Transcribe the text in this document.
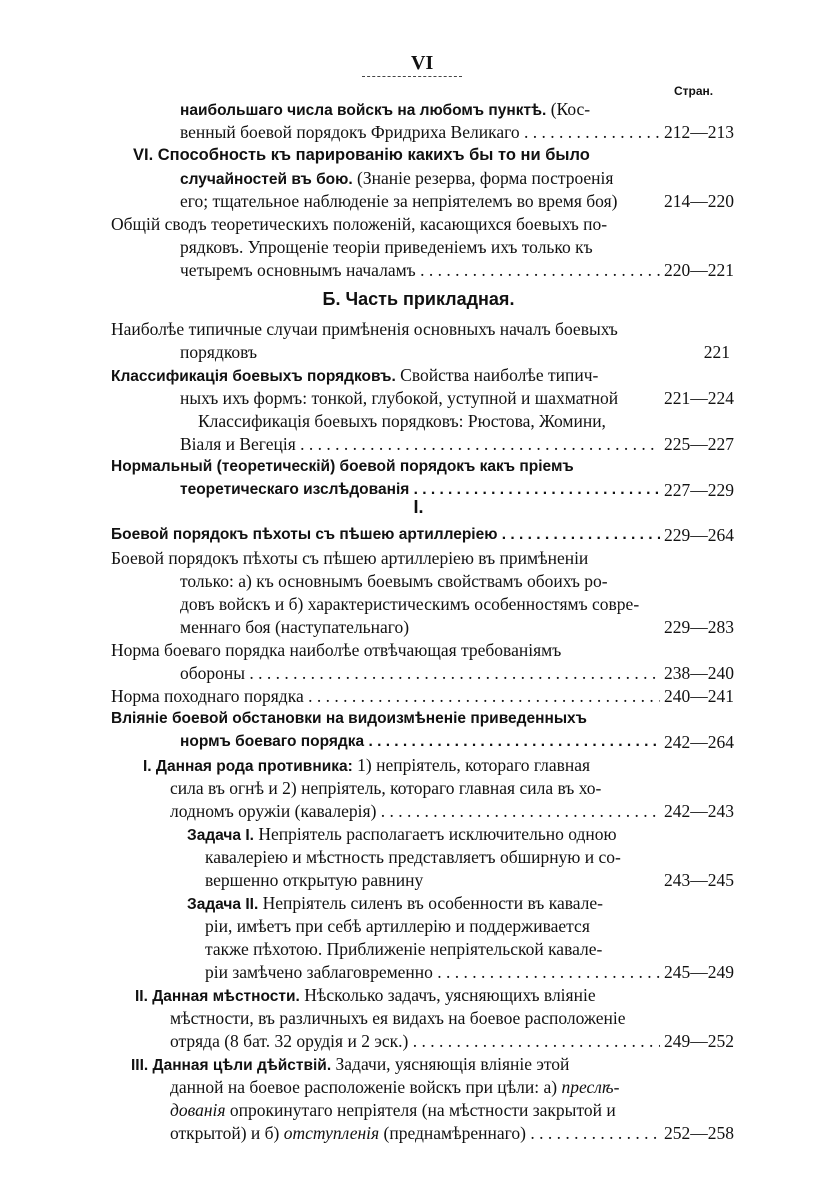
VI
Стран.
наибольшаго числа войскъ на любомъ пунктѣ. (Кос-
венный боевой порядокъ Фридриха Великаго . . .	212—213
VI. Способность къ парированію какихъ бы то ни было
случайностей въ бою. (Знаніе резерва, форма построенія
его; тщательное наблюденіе за непріятелемъ во время боя)	214—220
Общій сводъ теоретическихъ положеній, касающихся боевыхъ по-
рядковъ. Упрощеніе теоріи приведеніемъ ихъ только къ
четыремъ основнымъ началамъ . . .	220—221
Б. Часть прикладная.
Наиболѣе типичные случаи примѣненія основныхъ началъ боевыхъ
порядковъ	221
Классификація боевыхъ порядковъ. Свойства наиболѣе типич-
ныхъ ихъ формъ: тонкой, глубокой, уступной и шахматной	221—224
Классификація боевыхъ порядковъ: Рюстова, Жомини,
Віаля и Вегеція . . .	225—227
Нормальный (теоретическій) боевой порядокъ какъ пріемъ
теоретическаго изслѣдованія . . .	227—229
I.
Боевой порядокъ пѣхоты съ пѣшею артиллеріею . . .	229—264
Боевой порядокъ пѣхоты съ пѣшею артиллеріею въ примѣненіи
только: а) къ основнымъ боевымъ свойствамъ обоихъ ро-
довъ войскъ и б) характеристическимъ особенностямъ совре-
меннаго боя (наступательнаго)	229—283
Норма боеваго порядка наиболѣе отвѣчающая требованіямъ
обороны . . .	238—240
Норма походнаго порядка . . .	240—241
Вліяніе боевой обстановки на видоизмѣненіе приведенныхъ
нормъ боеваго порядка . . .	242—264
I. Данная рода противника: 1) непріятель, котораго главная
сила въ огнѣ и 2) непріятель, котораго главная сила въ хо-
лодномъ оружіи (кавалерія) . . .	242—243
Задача I. Непріятель располагаетъ исключительно одною
кавалеріею и мѣстность представляетъ обширную и со-
вершенно открытую равнину	243—245
Задача II. Непріятель силенъ въ особенности въ кавале-
ріи, имѣетъ при себѣ артиллерію и поддерживается
также пѣхотою. Приближеніе непріятельской кавале-
ріи замѣчено заблаговременно . . .	245—249
II. Данная мѣстности. Нѣсколько задачъ, уясняющихъ вліяніе
мѣстности, въ различныхъ ея видахъ на боевое расположеніе
отряда (8 бат. 32 орудія и 2 эск.) . . .	249—252
III. Данная цѣли дѣйствій. Задачи, уясняющія вліяніе этой
данной на боевое расположеніе войскъ при цѣли: а) преслѣ-
дованія опрокинутаго непріятеля (на мѣстности закрытой и
открытой) и б) отступленія (преднамѣреннаго) . . .	252—258
